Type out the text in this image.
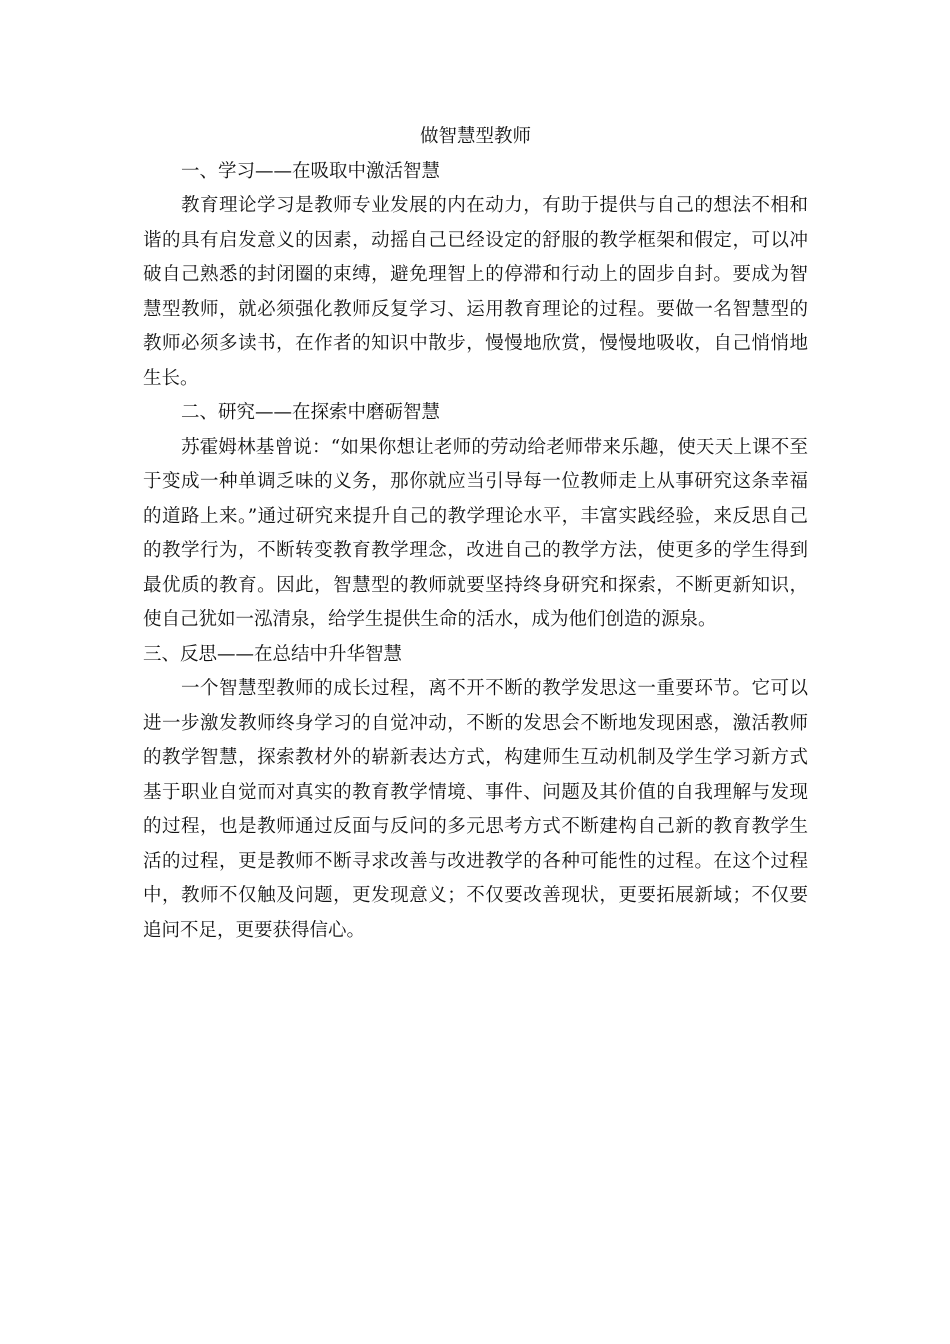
做智慧型教师
一、学习——在吸取中激活智慧

教育理论学习是教师专业发展的内在动力，有助于提供与自己的想法不相和谐的具有启发意义的因素，动摇自己已经设定的舒服的教学框架和假定，可以冲破自己熟悉的封闭圈的束缚，避免理智上的停滞和行动上的固步自封。要成为智慧型教师，就必须强化教师反复学习、运用教育理论的过程。要做一名智慧型的教师必须多读书，在作者的知识中散步，慢慢地欣赏，慢慢地吸收，自己悄悄地生长。

二、研究——在探索中磨砺智慧

苏霍姆林基曾说：“如果你想让老师的劳动给老师带来乐趣，使天天上课不至于变成一种单调乏味的义务，那你就应当引导每一位教师走上从事研究这条幸福的道路上来。”通过研究来提升自己的教学理论水平，丰富实践经验，来反思自己的教学行为，不断转变教育教学理念，改进自己的教学方法，使更多的学生得到最优质的教育。因此，智慧型的教师就要坚持终身研究和探索，不断更新知识，使自己犹如一泓清泉，给学生提供生命的活水，成为他们创造的源泉。

三、反思——在总结中升华智慧

一个智慧型教师的成长过程，离不开不断的教学发思这一重要环节。它可以进一步激发教师终身学习的自觉冲动，不断的发思会不断地发现困惑，激活教师的教学智慧，探索教材外的崭新表达方式，构建师生互动机制及学生学习新方式基于职业自觉而对真实的教育教学情境、事件、问题及其价值的自我理解与发现的过程，也是教师通过反面与反问的多元思考方式不断建构自己新的教育教学生活的过程，更是教师不断寻求改善与改进教学的各种可能性的过程。在这个过程中，教师不仅触及问题，更发现意义；不仅要改善现状，更要拓展新域；不仅要追问不足，更要获得信心。
